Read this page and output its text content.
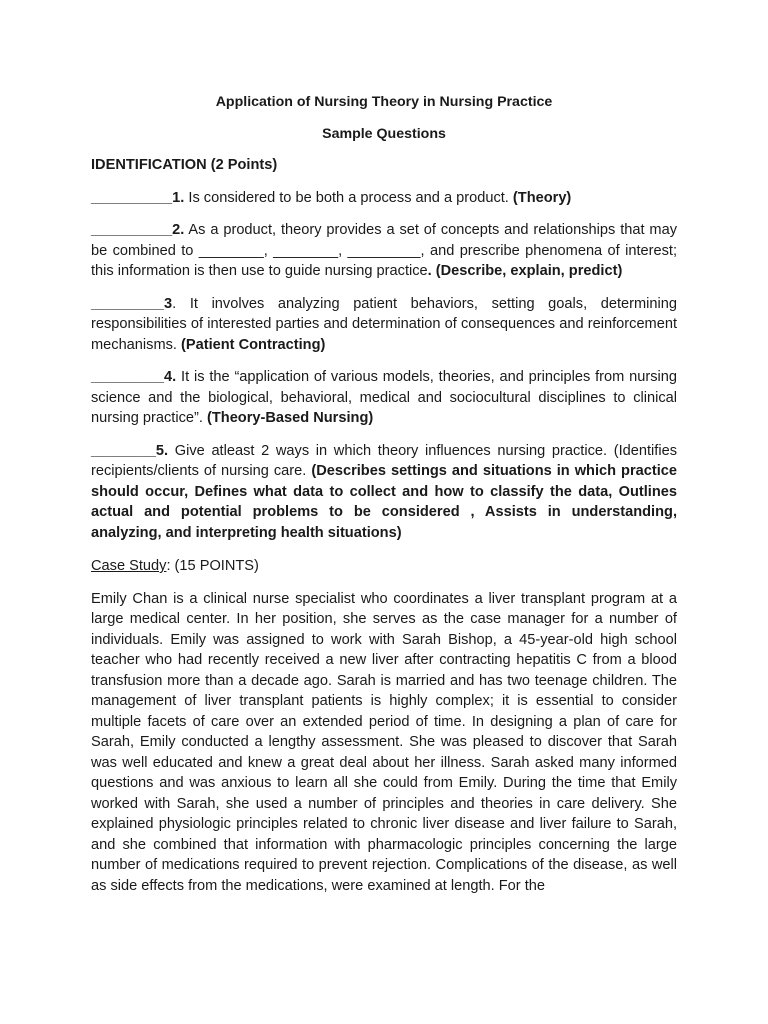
Application of Nursing Theory in Nursing Practice
Sample Questions
IDENTIFICATION (2 Points)
__________1. Is considered to be both a process and a product. (Theory)
__________2. As a product, theory provides a set of concepts and relationships that may be combined to ________, ________, _________, and prescribe phenomena of interest; this information is then use to guide nursing practice. (Describe, explain, predict)
_________3. It involves analyzing patient behaviors, setting goals, determining responsibilities of interested parties and determination of consequences and reinforcement mechanisms. (Patient Contracting)
_________4. It is the “application of various models, theories, and principles from nursing science and the biological, behavioral, medical and sociocultural disciplines to clinical nursing practice”. (Theory-Based Nursing)
________5. Give atleast 2 ways in which theory influences nursing practice. (Identifies recipients/clients of nursing care. (Describes settings and situations in which practice should occur, Defines what data to collect and how to classify the data, Outlines actual and potential problems to be considered , Assists in understanding, analyzing, and interpreting health situations)
Case Study: (15 POINTS)
Emily Chan is a clinical nurse specialist who coordinates a liver transplant program at a large medical center. In her position, she serves as the case manager for a number of individuals. Emily was assigned to work with Sarah Bishop, a 45-year-old high school teacher who had recently received a new liver after contracting hepatitis C from a blood transfusion more than a decade ago. Sarah is married and has two teenage children. The management of liver transplant patients is highly complex; it is essential to consider multiple facets of care over an extended period of time. In designing a plan of care for Sarah, Emily conducted a lengthy assessment. She was pleased to discover that Sarah was well educated and knew a great deal about her illness. Sarah asked many informed questions and was anxious to learn all she could from Emily. During the time that Emily worked with Sarah, she used a number of principles and theories in care delivery. She explained physiologic principles related to chronic liver disease and liver failure to Sarah, and she combined that information with pharmacologic principles concerning the large number of medications required to prevent rejection. Complications of the disease, as well as side effects from the medications, were examined at length. For the
